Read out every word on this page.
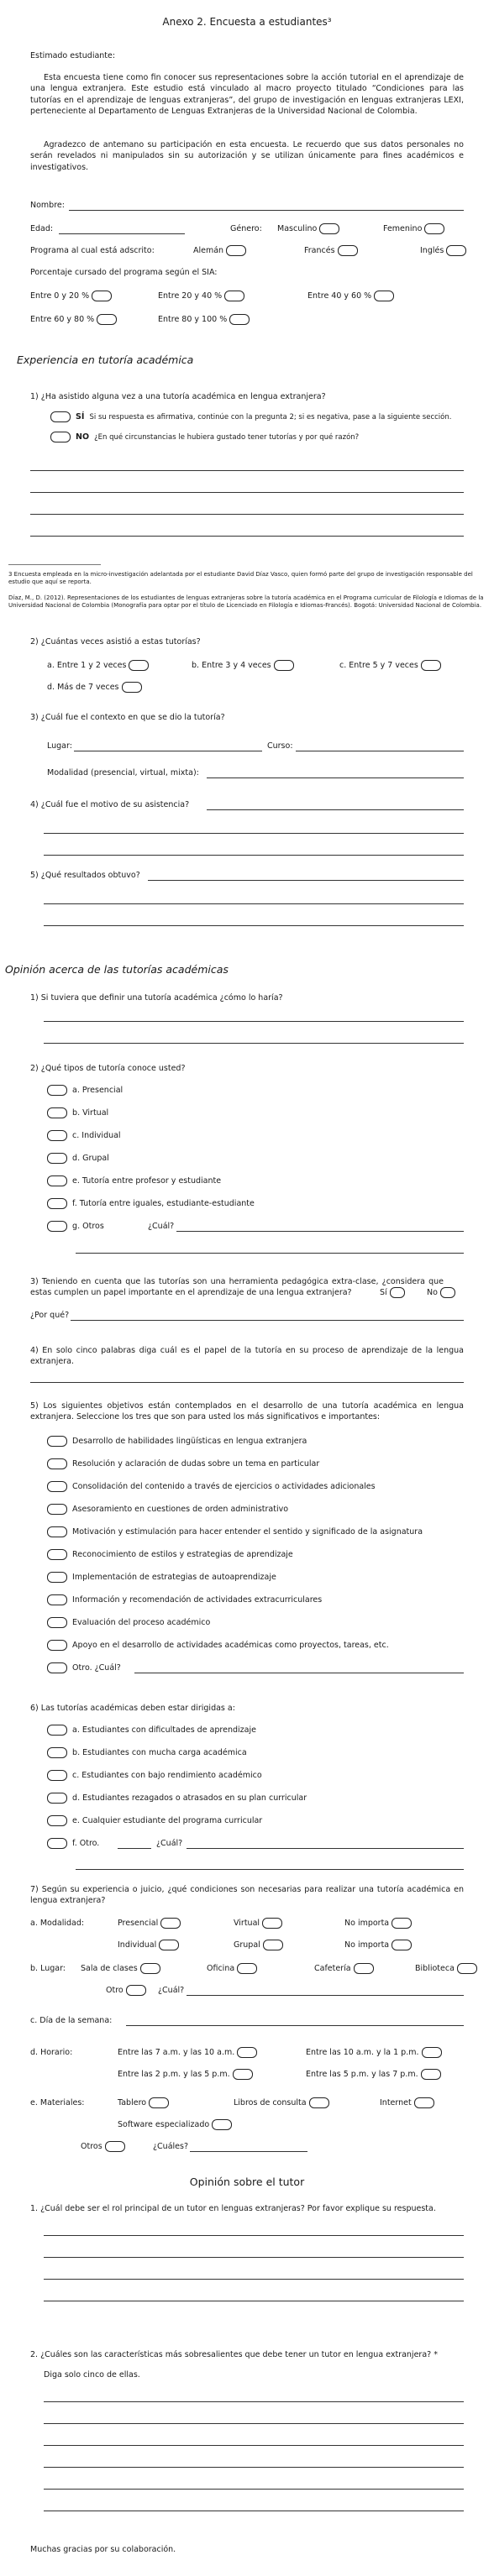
Anexo 2. Encuesta a estudiantes³
Estimado estudiante:
Esta encuesta tiene como fin conocer sus representaciones sobre la acción tutorial en el aprendizaje de una lengua extranjera. Este estudio está vinculado al macro proyecto titulado “Condiciones para las tutorías en el aprendizaje de lenguas extranjeras”, del grupo de investigación en lenguas extranjeras LEXI, perteneciente al Departamento de Lenguas Extranjeras de la Universidad Nacional de Colombia.
Agradezco de antemano su participación en esta encuesta. Le recuerdo que sus datos personales no serán revelados ni manipulados sin su autorización y se utilizan únicamente para fines académicos e investigativos.
Nombre:
Edad:	Género: Masculino	Femenino
Programa al cual está adscrito:	Alemán	Francés	Inglés
Porcentaje cursado del programa según el SIA:
Entre 0 y 20 %	Entre 20 y 40 %	Entre 40 y 60 %
Entre 60 y 80 %	Entre 80 y 100 %
Experiencia en tutoría académica
1) ¿Ha asistido alguna vez a una tutoría académica en lengua extranjera?
SÍ Si su respuesta es afirmativa, continúe con la pregunta 2; si es negativa, pase a la siguiente sección.
NO ¿En qué circunstancias le hubiera gustado tener tutorías y por qué razón?
3 Encuesta empleada en la micro-investigación adelantada por el estudiante David Díaz Vasco, quien formó parte del grupo de investigación responsable del estudio que aquí se reporta.
Díaz, M., D. (2012). Representaciones de los estudiantes de lenguas extranjeras sobre la tutoría académica en el Programa curricular de Filología e Idiomas de la Universidad Nacional de Colombia (Monografía para optar por el título de Licenciado en Filología e Idiomas-Francés). Bogotá: Universidad Nacional de Colombia.
2) ¿Cuántas veces asistió a estas tutorías?
a. Entre 1 y 2 veces	b. Entre 3 y 4 veces	c. Entre 5 y 7 veces
d. Más de 7 veces
3) ¿Cuál fue el contexto en que se dio la tutoría?
Lugar:	Curso:
Modalidad (presencial, virtual, mixta):
4) ¿Cuál fue el motivo de su asistencia?
5) ¿Qué resultados obtuvo?
Opinión acerca de las tutorías académicas
1) Si tuviera que definir una tutoría académica ¿cómo lo haría?
2) ¿Qué tipos de tutoría conoce usted?
a. Presencial
b. Virtual
c. Individual
d. Grupal
e. Tutoría entre profesor y estudiante
f. Tutoría entre iguales, estudiante-estudiante
g. Otros	¿Cuál?
3) Teniendo en cuenta que las tutorías son una herramienta pedagógica extra-clase, ¿considera que estas cumplen un papel importante en el aprendizaje de una lengua extranjera?	Sí	No
¿Por qué?
4) En solo cinco palabras diga cuál es el papel de la tutoría en su proceso de aprendizaje de la lengua extranjera.
5) Los siguientes objetivos están contemplados en el desarrollo de una tutoría académica en lengua extranjera. Seleccione los tres que son para usted los más significativos e importantes:
Desarrollo de habilidades lingüísticas en lengua extranjera
Resolución y aclaración de dudas sobre un tema en particular
Consolidación del contenido a través de ejercicios o actividades adicionales
Asesoramiento en cuestiones de orden administrativo
Motivación y estimulación para hacer entender el sentido y significado de la asignatura
Reconocimiento de estilos y estrategias de aprendizaje
Implementación de estrategias de autoaprendizaje
Información y recomendación de actividades extracurriculares
Evaluación del proceso académico
Apoyo en el desarrollo de actividades académicas como proyectos, tareas, etc.
Otro. ¿Cuál?
6) Las tutorías académicas deben estar dirigidas a:
a. Estudiantes con dificultades de aprendizaje
b. Estudiantes con mucha carga académica
c. Estudiantes con bajo rendimiento académico
d. Estudiantes rezagados o atrasados en su plan curricular
e. Cualquier estudiante del programa curricular
f. Otro.	¿Cuál?
7) Según su experiencia o juicio, ¿qué condiciones son necesarias para realizar una tutoría académica en lengua extranjera?
a. Modalidad:	Presencial	Virtual	No importa
Individual	Grupal	No importa
b. Lugar: Sala de clases	Oficina	Cafetería	Biblioteca
Otro	¿Cuál?
c. Día de la semana:
d. Horario:	Entre las 7 a.m. y las 10 a.m.	Entre las 10 a.m. y la 1 p.m.
Entre las 2 p.m. y las 5 p.m.	Entre las 5 p.m. y las 7 p.m.
e. Materiales:	Tablero	Libros de consulta	Internet
Software especializado
Otros	¿Cuáles?
Opinión sobre el tutor
1. ¿Cuál debe ser el rol principal de un tutor en lenguas extranjeras? Por favor explique su respuesta.
2. ¿Cuáles son las características más sobresalientes que debe tener un tutor en lengua extranjera? *
Diga solo cinco de ellas.
Muchas gracias por su colaboración.
